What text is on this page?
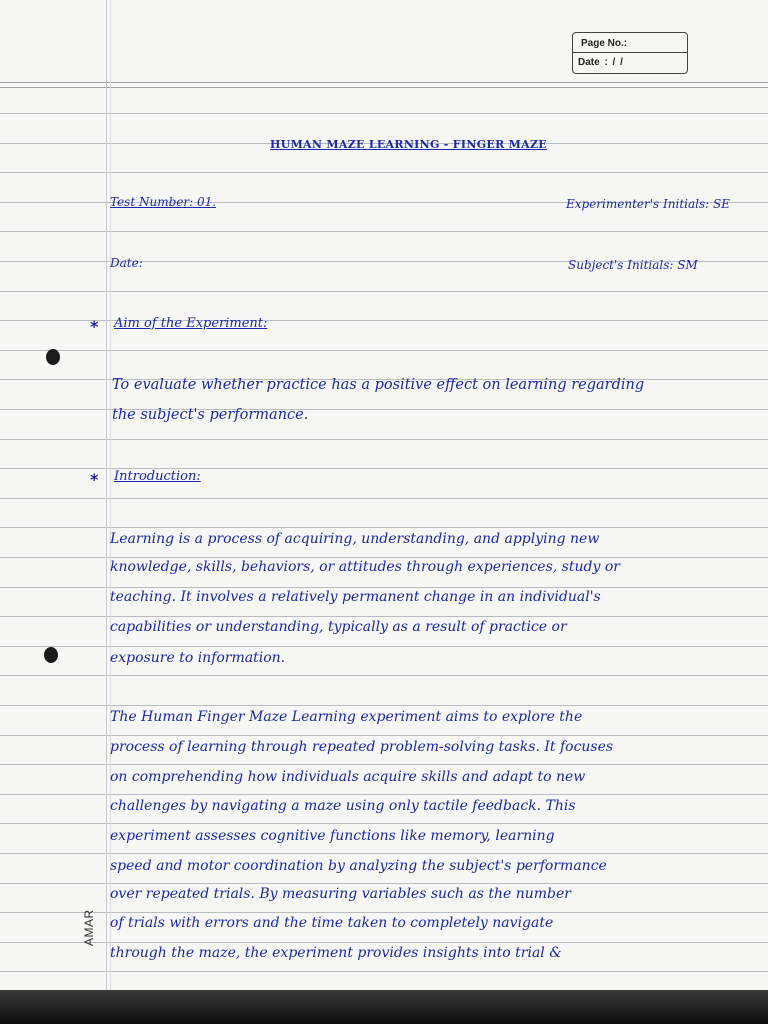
AMAR
Page No.:
Date : / /
HUMAN MAZE LEARNING - FINGER MAZE
Test Number: 01.	Experimenter's Initials: SE
Date:	Subject's Initials: SM
* Aim of the Experiment:
To evaluate whether practice has a positive effect on learning regarding
the subject's performance.
* Introduction:
Learning is a process of acquiring, understanding, and applying new
knowledge, skills, behaviors, or attitudes through experiences, study or
teaching. It involves a relatively permanent change in an individual's
capabilities or understanding, typically as a result of practice or
exposure to information.
The Human Finger Maze Learning experiment aims to explore the
process of learning through repeated problem-solving tasks. It focuses
on comprehending how individuals acquire skills and adapt to new
challenges by navigating a maze using only tactile feedback. This
experiment assesses cognitive functions like memory, learning
speed and motor coordination by analyzing the subject's performance
over repeated trials. By measuring variables such as the number
of trials with errors and the time taken to completely navigate
through the maze, the experiment provides insights into trial &
